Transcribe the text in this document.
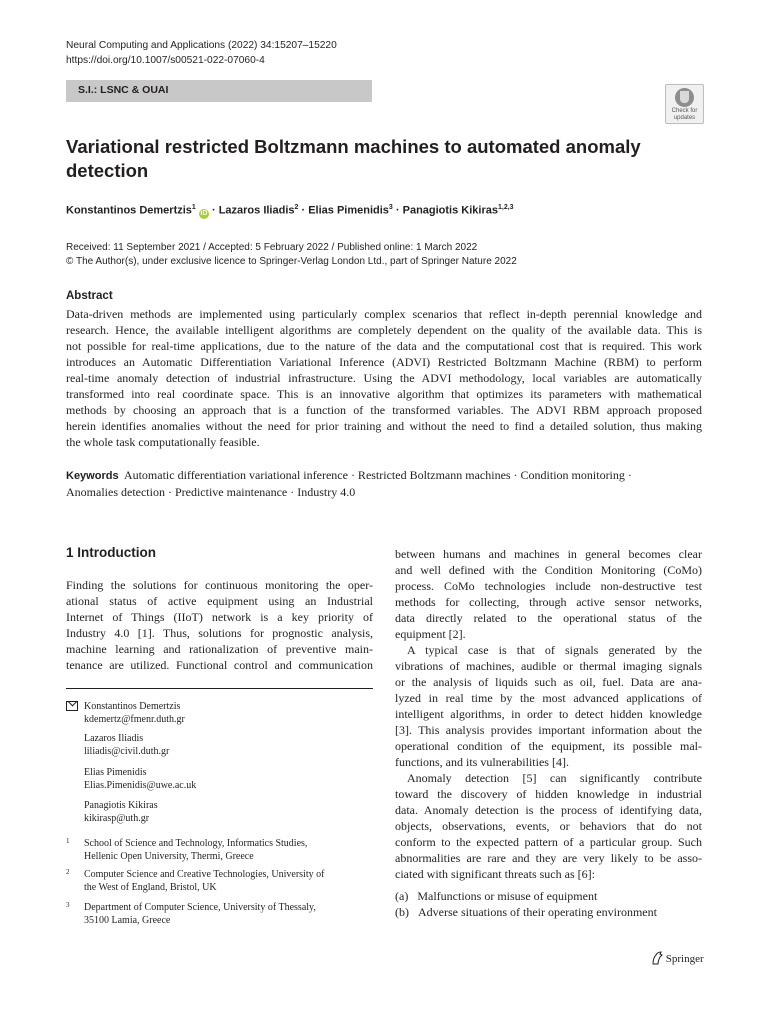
Neural Computing and Applications (2022) 34:15207–15220
https://doi.org/10.1007/s00521-022-07060-4
S.I.: LSNC & OUAI
Check for updates
Variational restricted Boltzmann machines to automated anomaly
detection
Konstantinos Demertzis$^1$ iD · Lazaros Iliadis$^2$ · Elias Pimenidis$^3$ · Panagiotis Kikiras$^{1,2,3}$
Received: 11 September 2021 / Accepted: 5 February 2022 / Published online: 1 March 2022
© The Author(s), under exclusive licence to Springer-Verlag London Ltd., part of Springer Nature 2022
Abstract
Data-driven methods are implemented using particularly complex scenarios that reflect in-depth perennial knowledge and
research. Hence, the available intelligent algorithms are completely dependent on the quality of the available data. This is
not possible for real-time applications, due to the nature of the data and the computational cost that is required. This work
introduces an Automatic Differentiation Variational Inference (ADVI) Restricted Boltzmann Machine (RBM) to perform
real-time anomaly detection of industrial infrastructure. Using the ADVI methodology, local variables are automatically
transformed into real coordinate space. This is an innovative algorithm that optimizes its parameters with mathematical
methods by choosing an approach that is a function of the transformed variables. The ADVI RBM approach proposed
herein identifies anomalies without the need for prior training and without the need to find a detailed solution, thus making
the whole task computationally feasible.
Keywords Automatic differentiation variational inference · Restricted Boltzmann machines · Condition monitoring ·
Anomalies detection · Predictive maintenance · Industry 4.0
1 Introduction
Finding the solutions for continuous monitoring the oper-
ational status of active equipment using an Industrial
Internet of Things (IIoT) network is a key priority of
Industry 4.0 [1]. Thus, solutions for prognostic analysis,
machine learning and rationalization of preventive main-
tenance are utilized. Functional control and communication
between humans and machines in general becomes clear
and well defined with the Condition Monitoring (CoMo)
process. CoMo technologies include non-destructive test
methods for collecting, through active sensor networks,
data directly related to the operational status of the
equipment [2].
A typical case is that of signals generated by the
vibrations of machines, audible or thermal imaging signals
or the analysis of liquids such as oil, fuel. Data are ana-
lyzed in real time by the most advanced applications of
intelligent algorithms, in order to detect hidden knowledge
[3]. This analysis provides important information about the
operational condition of the equipment, its possible mal-
functions, and its vulnerabilities [4].
Anomaly detection [5] can significantly contribute
toward the discovery of hidden knowledge in industrial
data. Anomaly detection is the process of identifying data,
objects, observations, events, or behaviors that do not
conform to the expected pattern of a particular group. Such
abnormalities are rare and they are very likely to be asso-
ciated with significant threats such as [6]:
(a) Malfunctions or misuse of equipment
(b) Adverse situations of their operating environment
Konstantinos Demertzis
kdemertz@fmenr.duth.gr
Lazaros Iliadis
liliadis@civil.duth.gr
Elias Pimenidis
Elias.Pimenidis@uwe.ac.uk
Panagiotis Kikiras
kikirasp@uth.gr
1 School of Science and Technology, Informatics Studies,
Hellenic Open University, Thermi, Greece
2 Computer Science and Creative Technologies, University of
the West of England, Bristol, UK
3 Department of Computer Science, University of Thessaly,
35100 Lamia, Greece
Springer
